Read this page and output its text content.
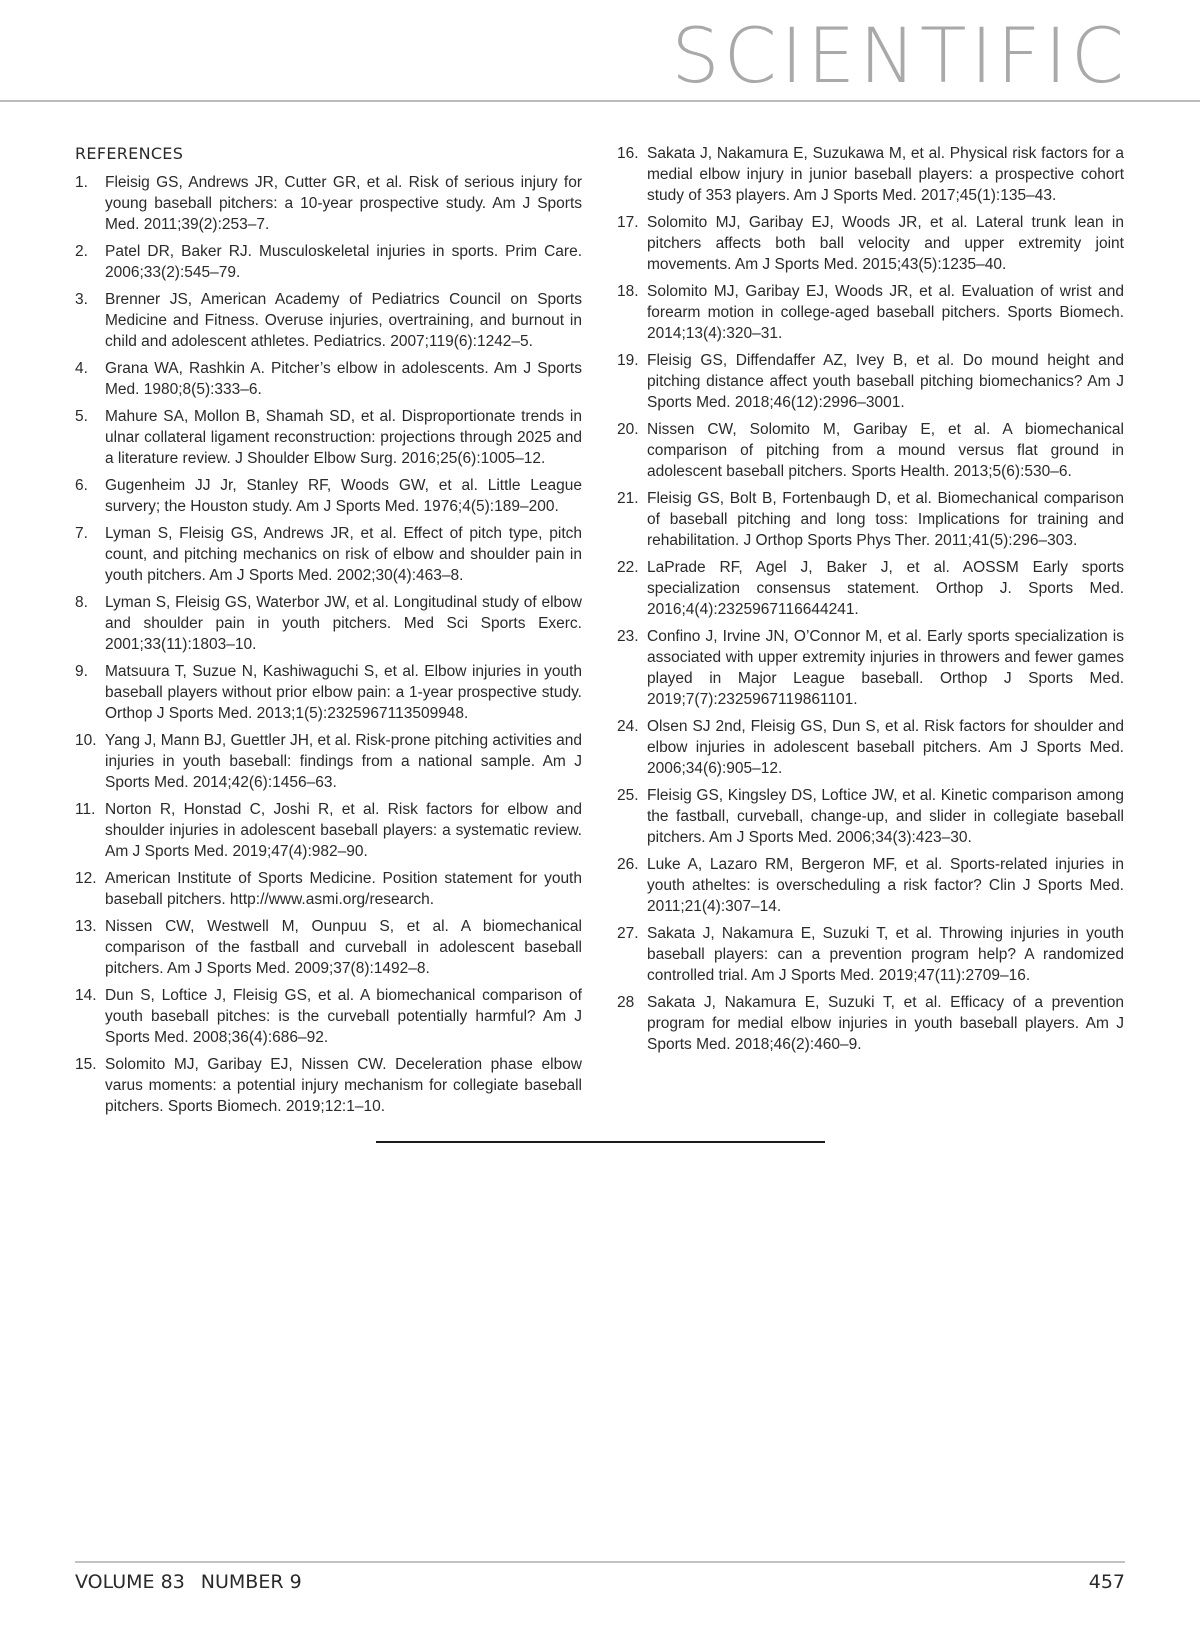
SCIENTIFIC
REFERENCES
1.	Fleisig GS, Andrews JR, Cutter GR, et al. Risk of serious injury for young baseball pitchers: a 10-year prospective study. Am J Sports Med. 2011;39(2):253–7.
2.	Patel DR, Baker RJ. Musculoskeletal injuries in sports. Prim Care. 2006;33(2):545–79.
3.	Brenner JS, American Academy of Pediatrics Council on Sports Medicine and Fitness. Overuse injuries, overtraining, and burnout in child and adolescent athletes. Pediatrics. 2007;119(6):1242–5.
4.	Grana WA, Rashkin A. Pitcher’s elbow in adolescents. Am J Sports Med. 1980;8(5):333–6.
5.	Mahure SA, Mollon B, Shamah SD, et al. Disproportionate trends in ulnar collateral ligament reconstruction: projections through 2025 and a literature review. J Shoulder Elbow Surg. 2016;25(6):1005–12.
6.	Gugenheim JJ Jr, Stanley RF, Woods GW, et al. Little League survery; the Houston study. Am J Sports Med. 1976;4(5):189–200.
7.	Lyman S, Fleisig GS, Andrews JR, et al. Effect of pitch type, pitch count, and pitching mechanics on risk of elbow and shoulder pain in youth pitchers. Am J Sports Med. 2002;30(4):463–8.
8.	Lyman S, Fleisig GS, Waterbor JW, et al. Longitudinal study of elbow and shoulder pain in youth pitchers. Med Sci Sports Exerc. 2001;33(11):1803–10.
9.	Matsuura T, Suzue N, Kashiwaguchi S, et al. Elbow injuries in youth baseball players without prior elbow pain: a 1-year prospective study. Orthop J Sports Med. 2013;1(5):2325967113509948.
10. Yang J, Mann BJ, Guettler JH, et al. Risk-prone pitching activities and injuries in youth baseball: findings from a national sample. Am J Sports Med. 2014;42(6):1456–63.
11. Norton R, Honstad C, Joshi R, et al. Risk factors for elbow and shoulder injuries in adolescent baseball players: a systematic review. Am J Sports Med. 2019;47(4):982–90.
12. American Institute of Sports Medicine. Position statement for youth baseball pitchers. http://www.asmi.org/research.
13. Nissen CW, Westwell M, Ounpuu S, et al. A biomechanical comparison of the fastball and curveball in adolescent baseball pitchers. Am J Sports Med. 2009;37(8):1492–8.
14. Dun S, Loftice J, Fleisig GS, et al. A biomechanical comparison of youth baseball pitches: is the curveball potentially harmful? Am J Sports Med. 2008;36(4):686–92.
15. Solomito MJ, Garibay EJ, Nissen CW. Deceleration phase elbow varus moments: a potential injury mechanism for collegiate baseball pitchers. Sports Biomech. 2019;12:1–10.
16. Sakata J, Nakamura E, Suzukawa M, et al. Physical risk factors for a medial elbow injury in junior baseball players: a prospective cohort study of 353 players. Am J Sports Med. 2017;45(1):135–43.
17. Solomito MJ, Garibay EJ, Woods JR, et al. Lateral trunk lean in pitchers affects both ball velocity and upper extremity joint movements. Am J Sports Med. 2015;43(5):1235–40.
18. Solomito MJ, Garibay EJ, Woods JR, et al. Evaluation of wrist and forearm motion in college-aged baseball pitchers. Sports Biomech. 2014;13(4):320–31.
19. Fleisig GS, Diffendaffer AZ, Ivey B, et al. Do mound height and pitching distance affect youth baseball pitching biomechanics? Am J Sports Med. 2018;46(12):2996–3001.
20. Nissen CW, Solomito M, Garibay E, et al. A biomechanical comparison of pitching from a mound versus flat ground in adolescent baseball pitchers. Sports Health. 2013;5(6):530–6.
21. Fleisig GS, Bolt B, Fortenbaugh D, et al. Biomechanical comparison of baseball pitching and long toss: Implications for training and rehabilitation. J Orthop Sports Phys Ther. 2011;41(5):296–303.
22. LaPrade RF, Agel J, Baker J, et al. AOSSM Early sports specialization consensus statement. Orthop J. Sports Med. 2016;4(4):2325967116644241.
23. Confino J, Irvine JN, O’Connor M, et al. Early sports specialization is associated with upper extremity injuries in throwers and fewer games played in Major League baseball. Orthop J Sports Med. 2019;7(7):2325967119861101.
24. Olsen SJ 2nd, Fleisig GS, Dun S, et al. Risk factors for shoulder and elbow injuries in adolescent baseball pitchers. Am J Sports Med. 2006;34(6):905–12.
25. Fleisig GS, Kingsley DS, Loftice JW, et al. Kinetic comparison among the fastball, curveball, change-up, and slider in collegiate baseball pitchers. Am J Sports Med. 2006;34(3):423–30.
26. Luke A, Lazaro RM, Bergeron MF, et al. Sports-related injuries in youth atheltes: is overscheduling a risk factor? Clin J Sports Med. 2011;21(4):307–14.
27. Sakata J, Nakamura E, Suzuki T, et al. Throwing injuries in youth baseball players: can a prevention program help? A randomized controlled trial. Am J Sports Med. 2019;47(11):2709–16.
28 Sakata J, Nakamura E, Suzuki T, et al. Efficacy of a prevention program for medial elbow injuries in youth baseball players. Am J Sports Med. 2018;46(2):460–9.
VOLUME 83 NUMBER 9	457
